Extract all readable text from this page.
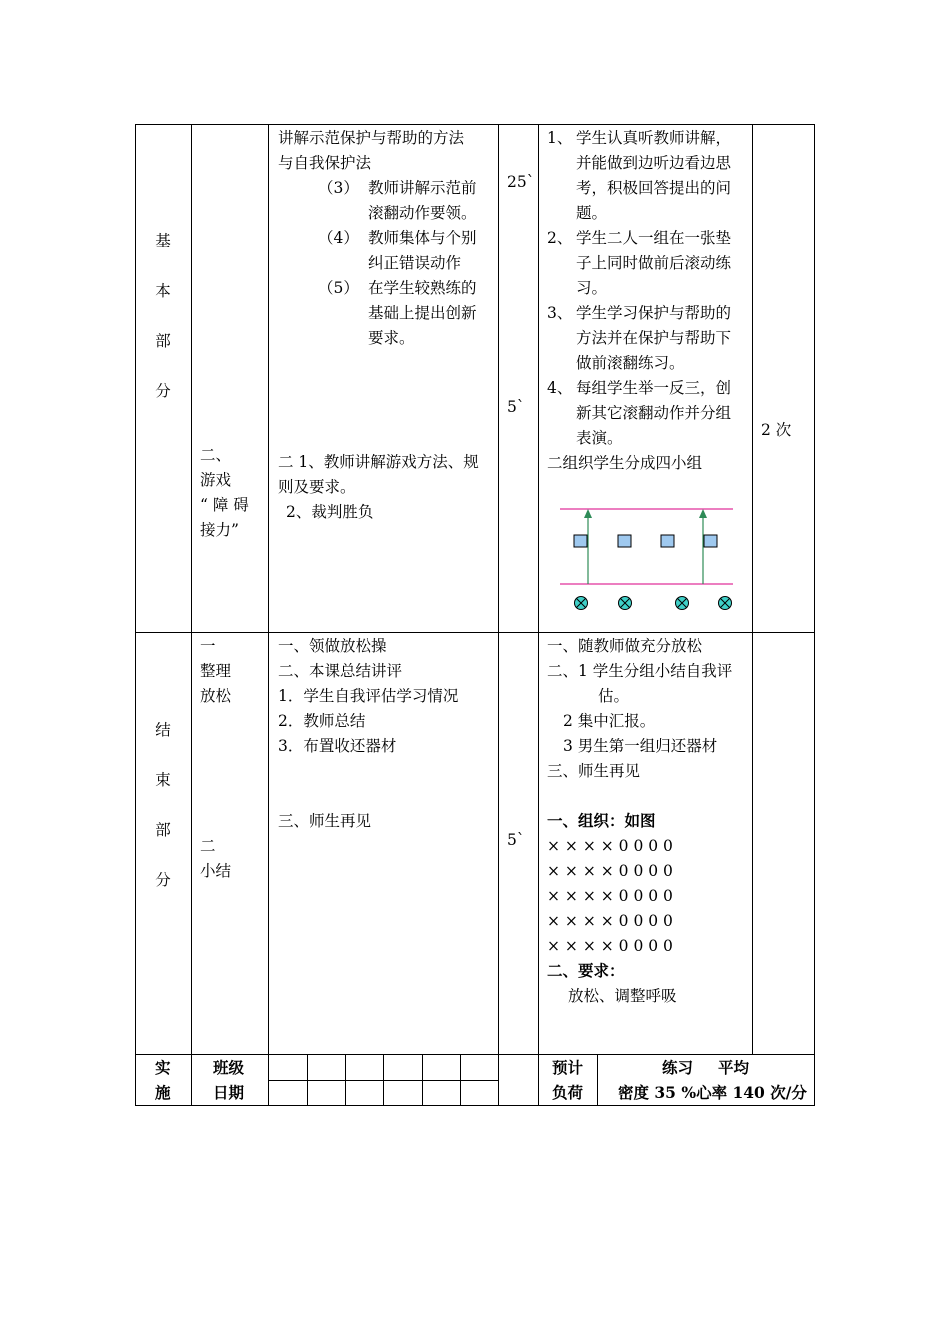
基
本
部
分
二、
游戏
“ 障 碍
接力”
讲解示范保护与帮助的方法
与自我保护法
（3） 教师讲解示范前
滚翻动作要领。
（4） 教师集体与个别
纠正错误动作
（5） 在学生较熟练的
基础上提出创新
要求。
二 1、教师讲解游戏方法、规
则及要求。
2、裁判胜负
25`
5`
1、 学生认真听教师讲解，
并能做到边听边看边思
考，积极回答提出的问
题。
2、 学生二人一组在一张垫
子上同时做前后滚动练
习。
3、 学生学习保护与帮助的
方法并在保护与帮助下
做前滚翻练习。
4、 每组学生举一反三，创
新其它滚翻动作并分组
表演。
二组织学生分成四小组
2 次
结
束
部
分
一
整理
放松
二
小结
一、领做放松操
二、本课总结讲评
1．学生自我评估学习情况
2．教师总结
3．布置收还器材
三、师生再见
5`
一、随教师做充分放松
二、1 学生分组小结自我评
估。
2 集中汇报。
3 男生第一组归还器材
三、师生再见
一、组织：如图
× × × × 0 0 0 0
× × × × 0 0 0 0
× × × × 0 0 0 0
× × × × 0 0 0 0
× × × × 0 0 0 0
二、要求：
放松、调整呼吸
实
施
班级
日期
预计
负荷
练习 平均
密度 35 %心率 140 次/分
